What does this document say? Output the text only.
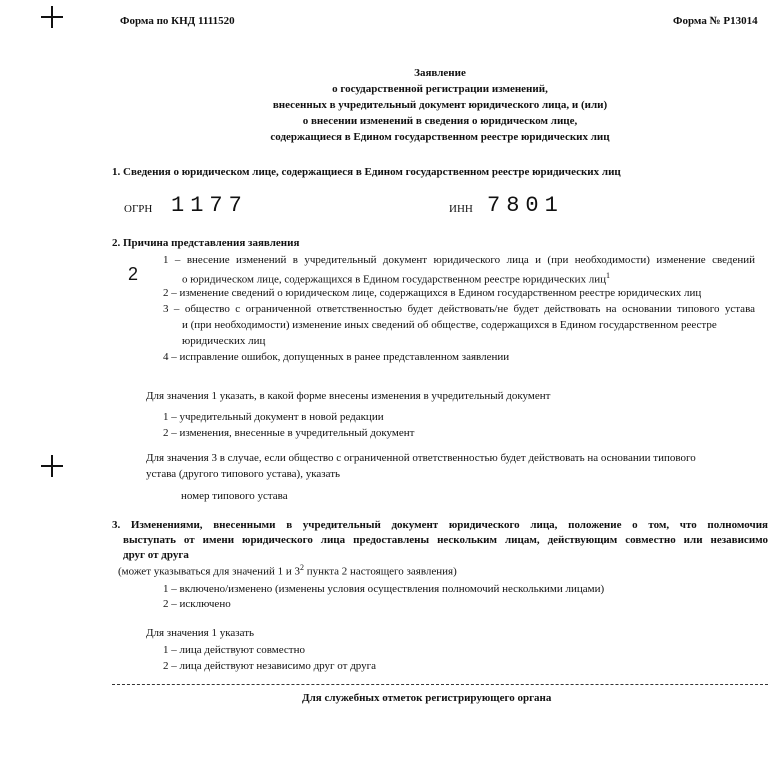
Форма по КНД 1111520	Форма № Р13014
Заявление
о государственной регистрации изменений,
внесенных в учредительный документ юридического лица, и (или)
о внесении изменений в сведения о юридическом лице,
содержащиеся в Едином государственном реестре юридических лиц
1. Сведения о юридическом лице, содержащиеся в Едином государственном реестре юридических лиц
ОГРН 1177	ИНН 7801
2. Причина представления заявления
2
1 – внесение изменений в учредительный документ юридического лица и (при необходимости) изменение сведений
о юридическом лице, содержащихся в Едином государственном реестре юридических лиц$^1$
2 – изменение сведений о юридическом лице, содержащихся в Едином государственном реестре юридических лиц
3 – общество с ограниченной ответственностью будет действовать/не будет действовать на основании типового устава
и (при необходимости) изменение иных сведений об обществе, содержащихся в Едином государственном реестре
юридических лиц
4 – исправление ошибок, допущенных в ранее представленном заявлении
Для значения 1 указать, в какой форме внесены изменения в учредительный документ
1 – учредительный документ в новой редакции
2 – изменения, внесенные в учредительный документ
Для значения 3 в случае, если общество с ограниченной ответственностью будет действовать на основании типового
устава (другого типового устава), указать
номер типового устава
3. Изменениями, внесенными в учредительный документ юридического лица, положение о том, что полномочия
выступать от имени юридического лица предоставлены нескольким лицам, действующим совместно или независимо
друг от друга
(может указываться для значений 1 и $3^2$ пункта 2 настоящего заявления)
1 – включено/изменено (изменены условия осуществления полномочий несколькими лицами)
2 – исключено
Для значения 1 указать
1 – лица действуют совместно
2 – лица действуют независимо друг от друга
Для служебных отметок регистрирующего органа
